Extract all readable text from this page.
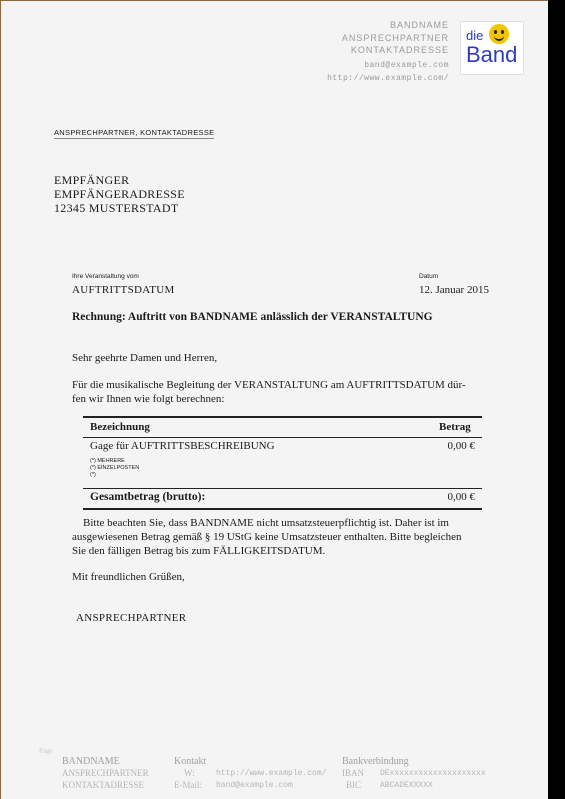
BANDNAME
ANSPRECHPARTNER
KONTAKTADRESSE
band@example.com
http://www.example.com/
die
Band
ANSPRECHPARTNER, KONTAKTADRESSE
EMPFÄNGER
EMPFÄNGERADRESSE
12345 MUSTERSTADT
Ihre Veranstaltung vom
AUFTRITTSDATUM
Datum
12. Januar 2015
Rechnung: Auftritt von BANDNAME anlässlich der VERANSTALTUNG
Sehr geehrte Damen und Herren,
Für die musikalische Begleitung der VERANSTALTUNG am AUFTRITTSDATUM dür-
fen wir Ihnen wie folgt berechnen:
Bezeichnung	Betrag
Gage für AUFTRITTSBESCHREIBUNG	0,00 €
(*) MEHRERE
(*) EINZELPOSTEN
(*)
Gesamtbetrag (brutto):	0,00 €
Bitte beachten Sie, dass BANDNAME nicht umsatzsteuerpflichtig ist. Daher ist im
ausgewiesenen Betrag gemäß § 19 UStG keine Umsatzsteuer enthalten. Bitte begleichen
Sie den fälligen Betrag bis zum FÄLLIGKEITSDATUM.
Mit freundlichen Grüßen,
ANSPRECHPARTNER
Page
BANDNAME
ANSPRECHPARTNER
KONTAKTADRESSE
Kontakt
W:	http://www.example.com/
E-Mail: band@example.com
Bankverbindung
IBAN DExxxxxxxxxxxxxxxxxxxx
BIC ABCADEXXXXX
